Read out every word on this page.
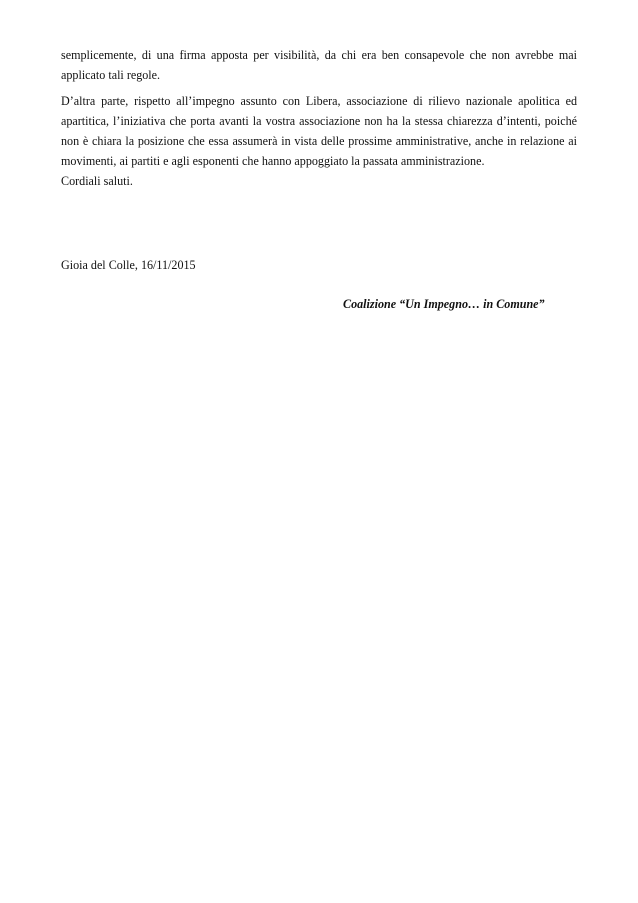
semplicemente, di una firma apposta per visibilità, da chi era ben consapevole che non avrebbe mai applicato tali regole.

D’altra parte, rispetto all’impegno assunto con Libera, associazione di rilievo nazionale apolitica ed apartitica, l’iniziativa che porta avanti la vostra associazione non ha la stessa chiarezza d’intenti, poiché non è chiara la posizione che essa assumerà in vista delle prossime amministrative, anche in relazione ai movimenti, ai partiti e agli esponenti che hanno appoggiato la passata amministrazione.

Cordiali saluti.

Gioia del Colle, 16/11/2015

Coalizione “Un Impegno… in Comune”
